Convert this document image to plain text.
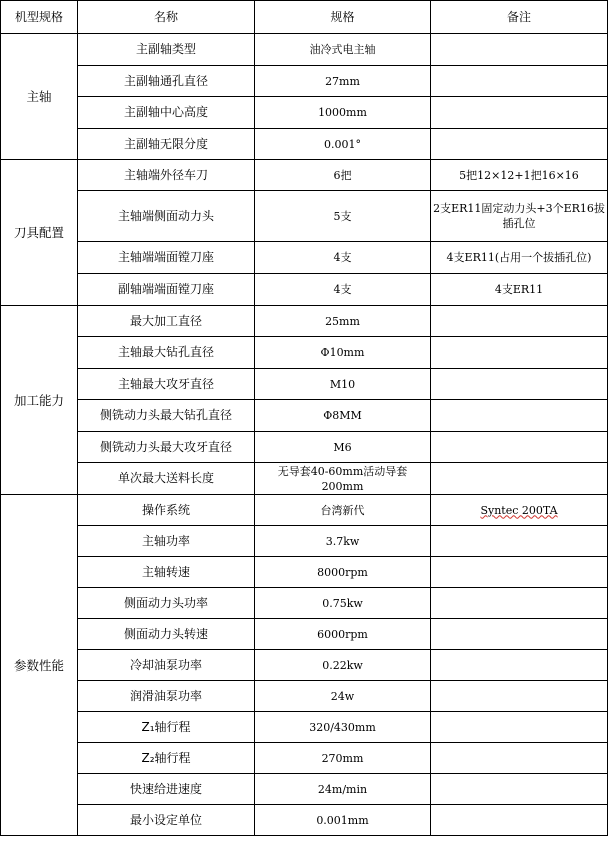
机型规格	名称	规格	备注
主轴	主副轴类型	油冷式电主轴	
	主副轴通孔直径	27mm	
	主副轴中心高度	1000mm	
	主副轴无限分度	0.001°	
刀具配置	主轴端外径车刀	6把	5把12×12+1把16×16
	主轴端侧面动力头	5支	2支ER11固定动力头+3个ER16拔插孔位
	主轴端端面镗刀座	4支	4支ER11(占用一个拔插孔位)
	副轴端端面镗刀座	4支	4支ER11
加工能力	最大加工直径	25mm	
	主轴最大钻孔直径	Φ10mm	
	主轴最大攻牙直径	M10	
	侧铣动力头最大钻孔直径	Φ8MM	
	侧铣动力头最大攻牙直径	M6	
	单次最大送料长度	无导套40-60mm活动导套200mm	
参数性能	操作系统	台湾新代	Syntec 200TA
	主轴功率	3.7kw	
	主轴转速	8000rpm	
	侧面动力头功率	0.75kw	
	侧面动力头转速	6000rpm	
	冷却油泵功率	0.22kw	
	润滑油泵功率	24w	
	Z₁轴行程	320/430mm	
	Z₂轴行程	270mm	
	快速给进速度	24m/min	
	最小设定单位	0.001mm	
